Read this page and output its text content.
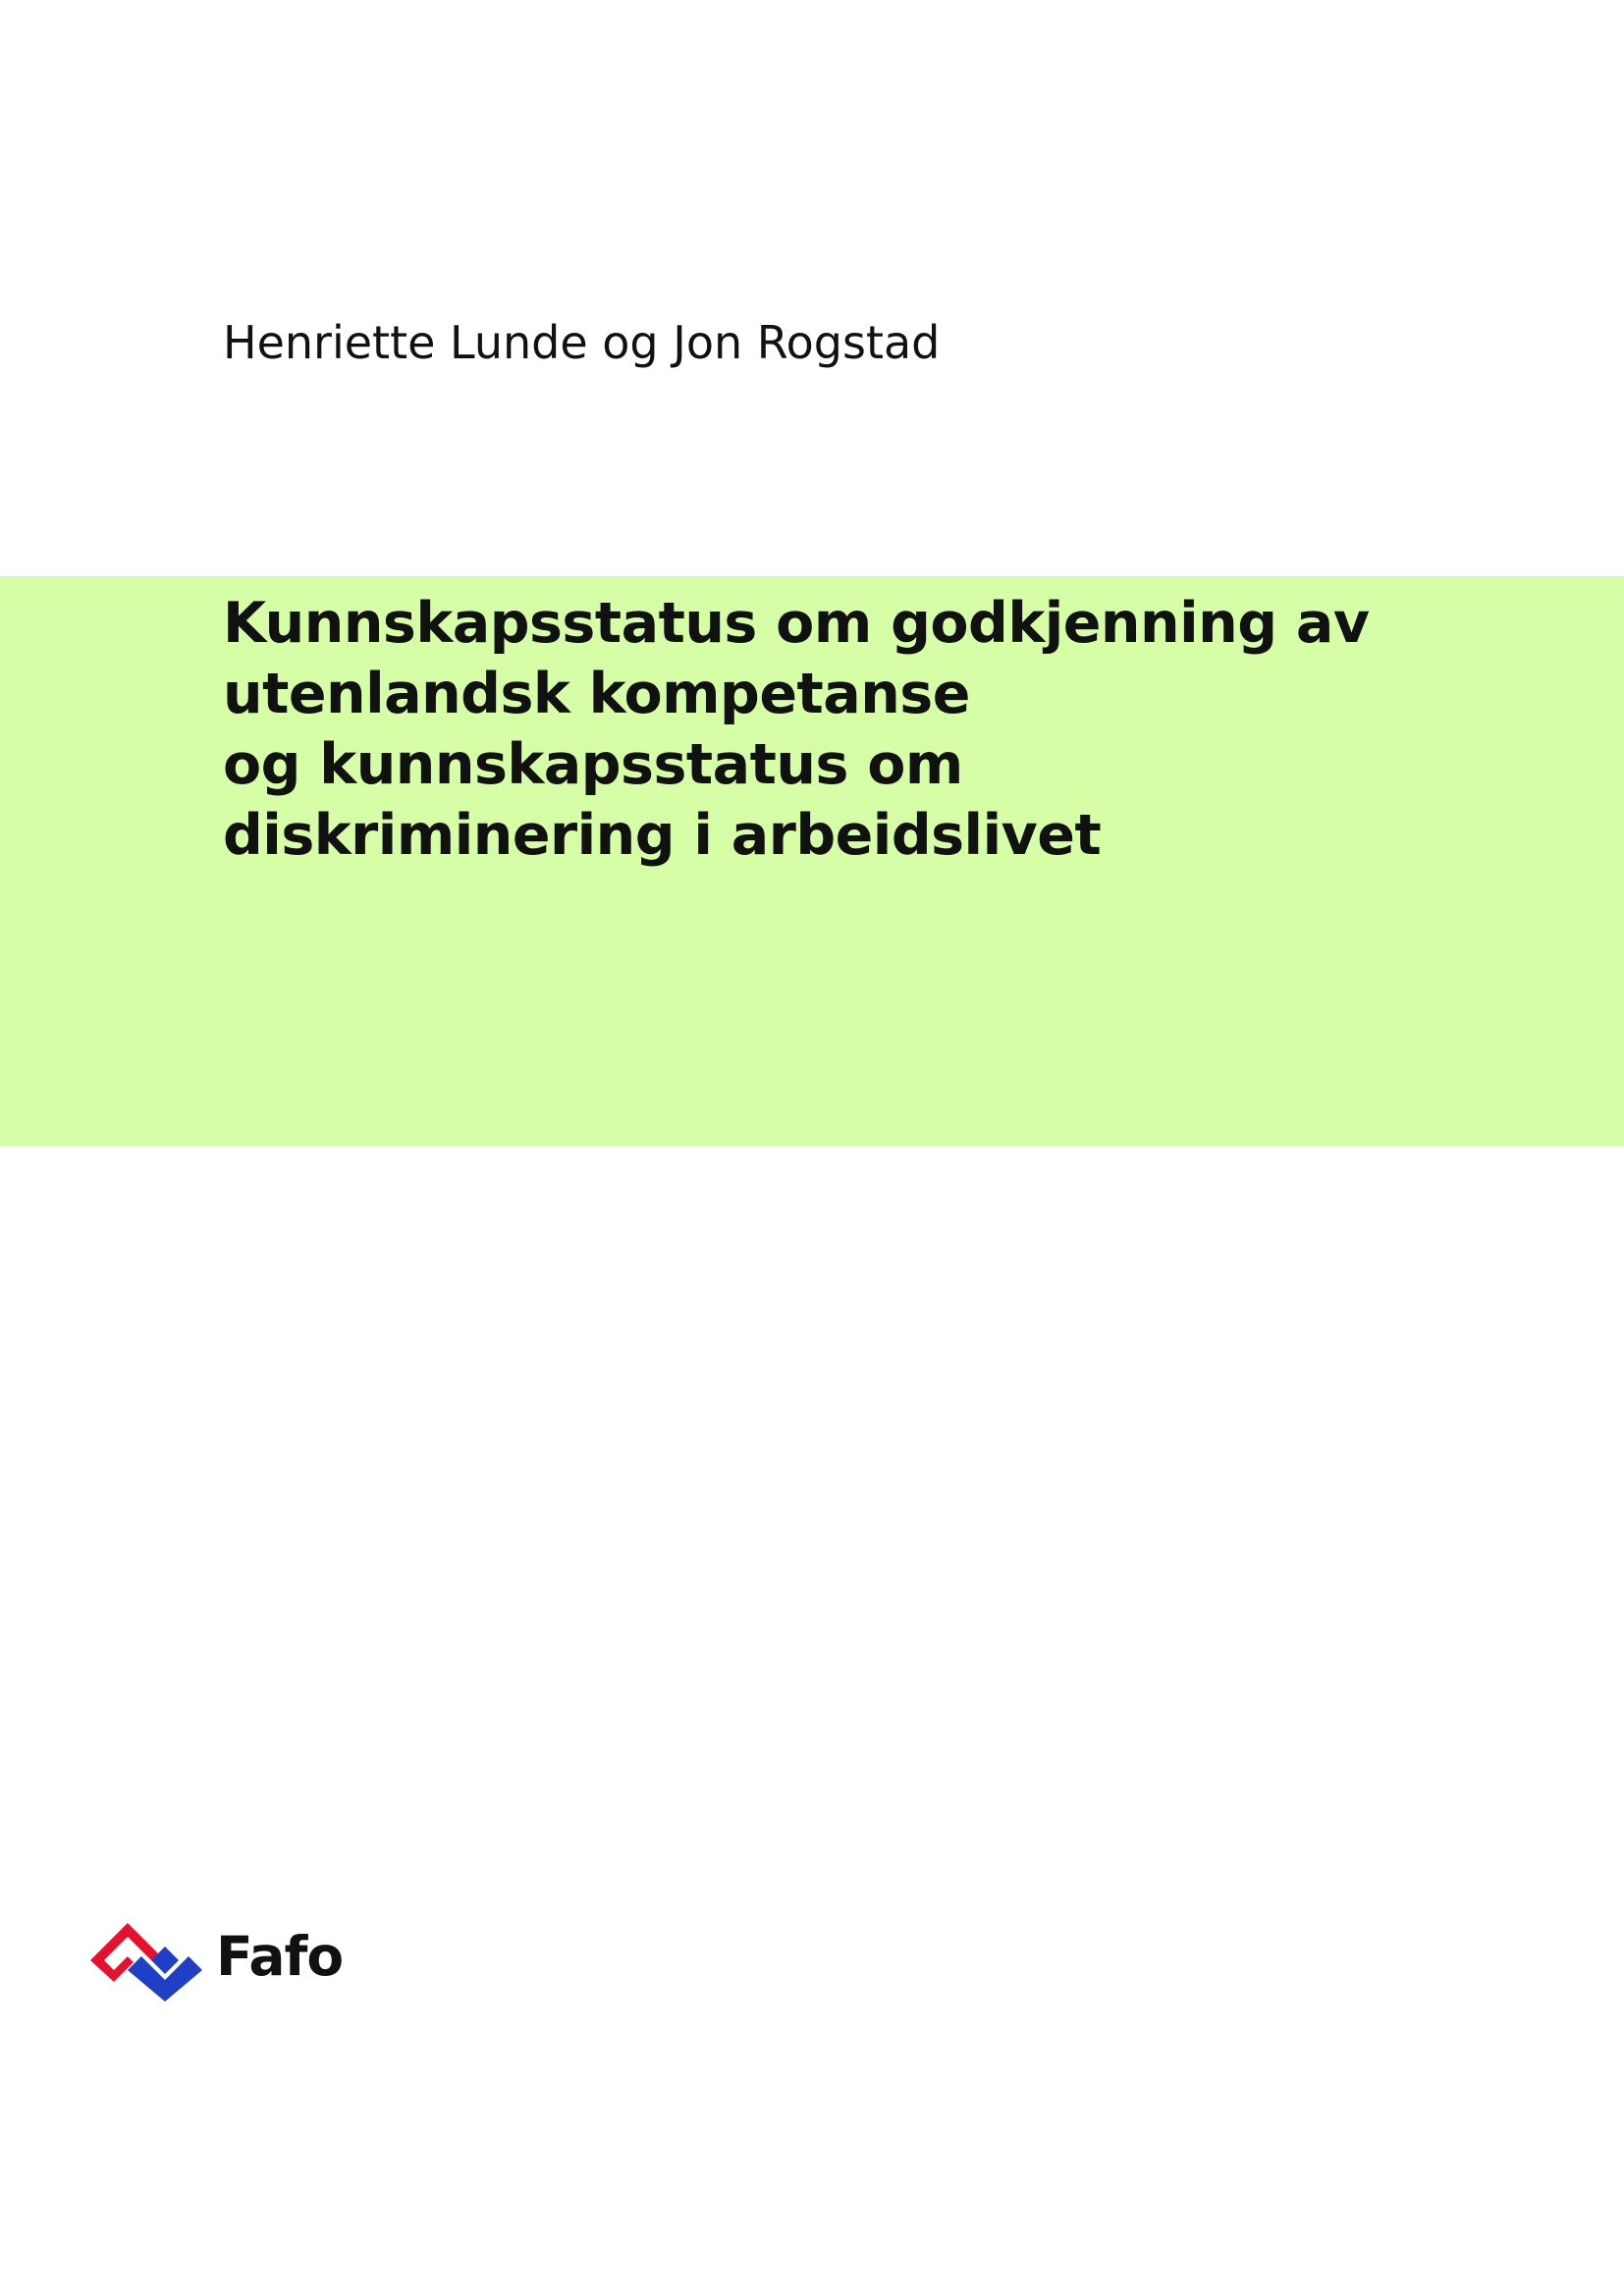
Henriette Lunde og Jon Rogstad

Kunnskapsstatus om godkjenning av
utenlandsk kompetanse
og kunnskapsstatus om
diskriminering i arbeidslivet
Fafo
